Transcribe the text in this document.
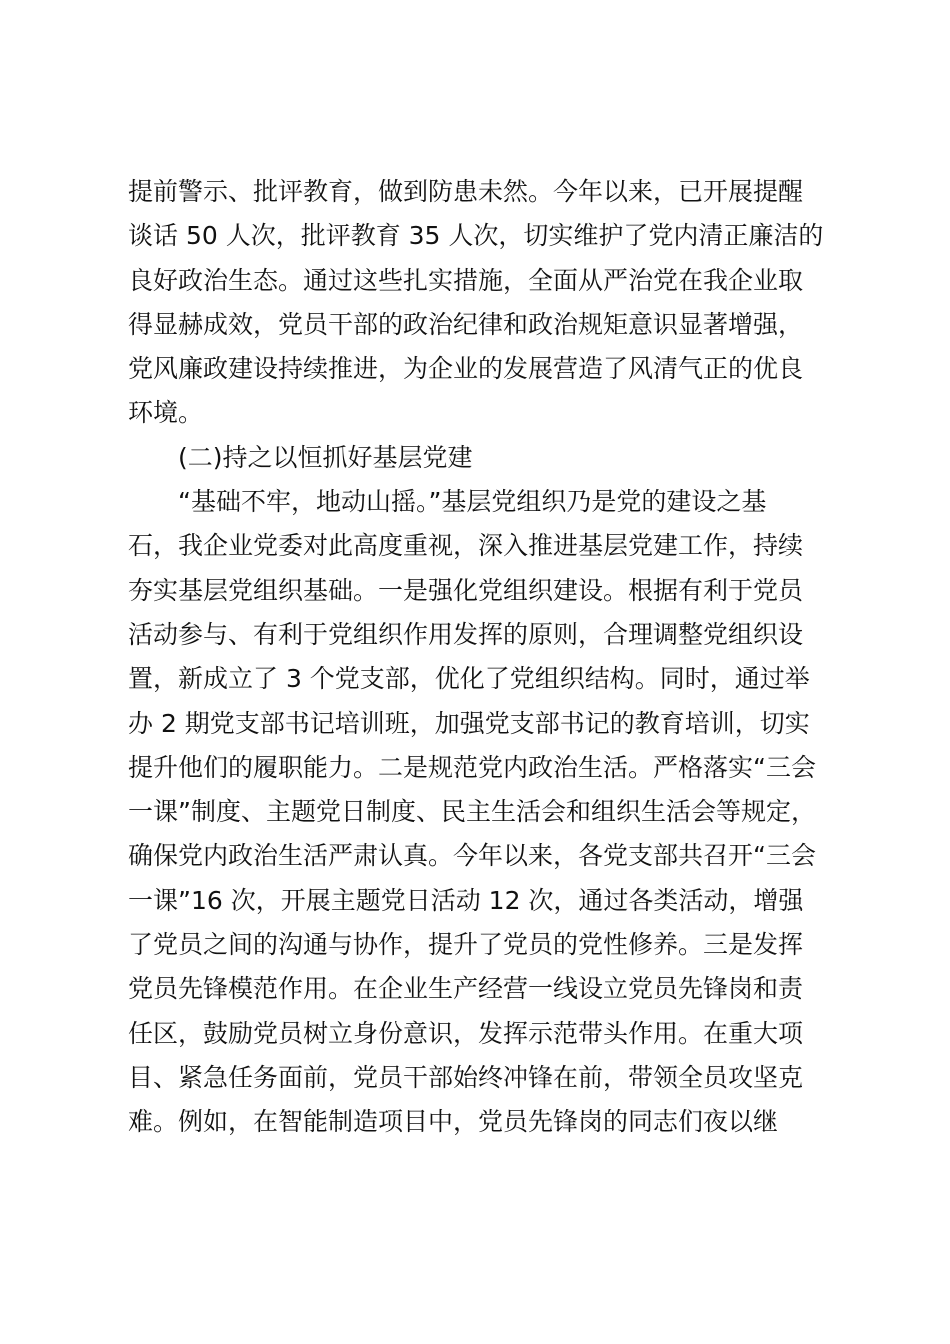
提前警示、批评教育，做到防患未然。今年以来，已开展提醒
谈话 50 人次，批评教育 35 人次，切实维护了党内清正廉洁的
良好政治生态。通过这些扎实措施，全面从严治党在我企业取
得显赫成效，党员干部的政治纪律和政治规矩意识显著增强，
党风廉政建设持续推进，为企业的发展营造了风清气正的优良
环境。
(二)持之以恒抓好基层党建
“基础不牢，地动山摇。”基层党组织乃是党的建设之基
石，我企业党委对此高度重视，深入推进基层党建工作，持续
夯实基层党组织基础。一是强化党组织建设。根据有利于党员
活动参与、有利于党组织作用发挥的原则，合理调整党组织设
置，新成立了 3 个党支部，优化了党组织结构。同时，通过举
办 2 期党支部书记培训班，加强党支部书记的教育培训，切实
提升他们的履职能力。二是规范党内政治生活。严格落实“三会
一课”制度、主题党日制度、民主生活会和组织生活会等规定，
确保党内政治生活严肃认真。今年以来，各党支部共召开“三会
一课”16 次，开展主题党日活动 12 次，通过各类活动，增强
了党员之间的沟通与协作，提升了党员的党性修养。三是发挥
党员先锋模范作用。在企业生产经营一线设立党员先锋岗和责
任区，鼓励党员树立身份意识，发挥示范带头作用。在重大项
目、紧急任务面前，党员干部始终冲锋在前，带领全员攻坚克
难。例如，在智能制造项目中，党员先锋岗的同志们夜以继
